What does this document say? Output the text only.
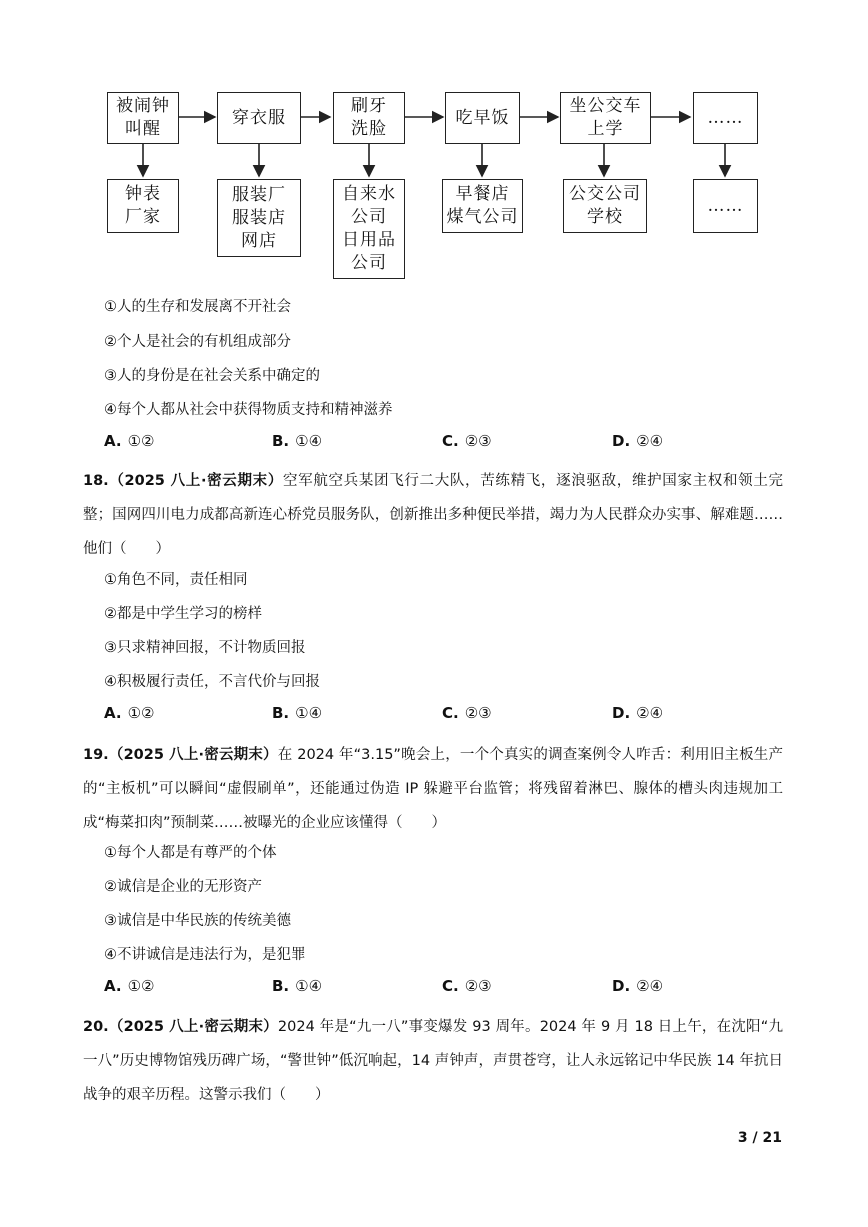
被闹钟
叫醒
穿衣服
刷牙
洗脸
吃早饭
坐公交车
上学
……
钟表
厂家
服装厂
服装店
网店
自来水
公司
日用品
公司
早餐店
煤气公司
公交公司
学校
……
①人的生存和发展离不开社会
②个人是社会的有机组成部分
③人的身份是在社会关系中确定的
④每个人都从社会中获得物质支持和精神滋养
A. ①②	B. ①④	C. ②③	D. ②④
18.（2025 八上·密云期末）空军航空兵某团飞行二大队，苦练精飞，逐浪驱敌，维护国家主权和领土完整；国网四川电力成都高新连心桥党员服务队，创新推出多种便民举措，竭力为人民群众办实事、解难题……他们（　　）
①角色不同，责任相同
②都是中学生学习的榜样
③只求精神回报，不计物质回报
④积极履行责任，不言代价与回报
A. ①②	B. ①④	C. ②③	D. ②④
19.（2025 八上·密云期末）在 2024 年“3.15”晚会上，一个个真实的调查案例令人咋舌：利用旧主板生产的“主板机”可以瞬间“虚假刷单”，还能通过伪造 IP 躲避平台监管；将残留着淋巴、腺体的槽头肉违规加工成“梅菜扣肉”预制菜……被曝光的企业应该懂得（　　）
①每个人都是有尊严的个体
②诚信是企业的无形资产
③诚信是中华民族的传统美德
④不讲诚信是违法行为，是犯罪
A. ①②	B. ①④	C. ②③	D. ②④
20.（2025 八上·密云期末）2024 年是“九一八”事变爆发 93 周年。2024 年 9 月 18 日上午，在沈阳“九一八”历史博物馆残历碑广场，“警世钟”低沉响起，14 声钟声，声贯苍穹，让人永远铭记中华民族 14 年抗日战争的艰辛历程。这警示我们（　　）
3 / 21
